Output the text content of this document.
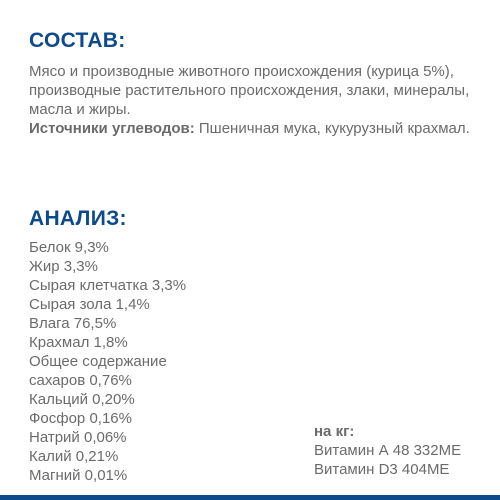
СОСТАВ:

Мясо и производные животного происхождения (курица 5%), производные растительного происхождения, злаки, минералы, масла и жиры.

Источники углеводов: Пшеничная мука, кукурузный крахмал.

АНАЛИЗ:
Белок 9,3%
Жир 3,3%
Сырая клетчатка 3,3%
Сырая зола 1,4%
Влага 76,5%
Крахмал 1,8%
Общее содержание
сахаров 0,76%
Кальций 0,20%
Фосфор 0,16%
Натрий 0,06%
Калий 0,21%
Магний 0,01%
на кг:
Витамин А 48 332МЕ
Витамин D3 404МЕ
